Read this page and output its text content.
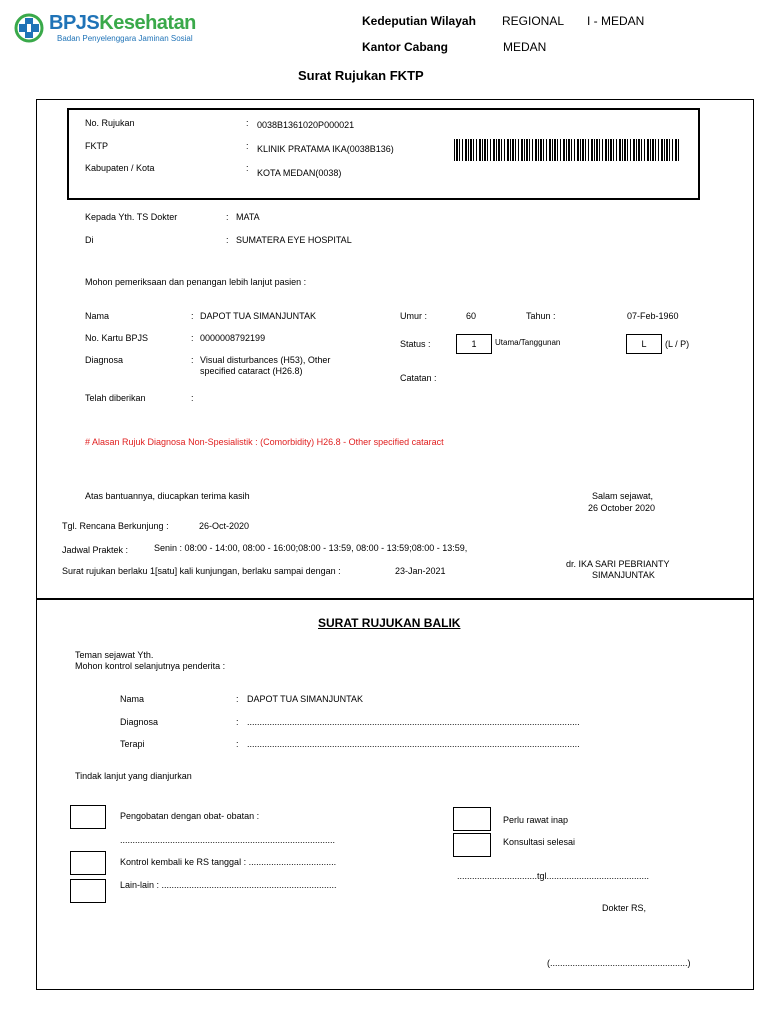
BPJSKesehatan
Badan Penyelenggara Jaminan Sosial
Kedeputian Wilayah REGIONAL I - MEDAN
Kantor Cabang	MEDAN
Surat Rujukan FKTP
No. Rujukan	: 0038B1361020P000021
FKTP	: KLINIK PRATAMA IKA(0038B136)
Kabupaten / Kota	: KOTA MEDAN(0038)
Kepada Yth. TS Dokter	: MATA
Di	: SUMATERA EYE HOSPITAL
Mohon pemeriksaan dan penangan lebih lanjut pasien :
Nama	: DAPOT TUA SIMANJUNTAK
No. Kartu BPJS	: 0000008792199
Diagnosa	: Visual disturbances (H53), Other specified cataract (H26.8)
Telah diberikan	:
Umur :	60	Tahun :	07-Feb-1960
Status :	1	Utama/Tanggunan	L	(L / P)
Catatan :
# Alasan Rujuk Diagnosa Non-Spesialistik : (Comorbidity) H26.8 - Other specified cataract
Atas bantuannya, diucapkan terima kasih	Salam sejawat,
26 October 2020
Tgl. Rencana Berkunjung :	26-Oct-2020
Jadwal Praktek :	Senin : 08:00 - 14:00, 08:00 - 16:00;08:00 - 13:59, 08:00 - 13:59;08:00 - 13:59,
Surat rujukan berlaku 1[satu] kali kunjungan, berlaku sampai dengan :	23-Jan-2021
dr. IKA SARI PEBRIANTY
SIMANJUNTAK
SURAT RUJUKAN BALIK
Teman sejawat Yth.
Mohon kontrol selanjutnya penderita :
Nama	: DAPOT TUA SIMANJUNTAK
Diagnosa	: .....................................................................................................................................
Terapi	: .....................................................................................................................................
Tindak lanjut yang dianjurkan
Pengobatan dengan obat- obatan :
......................................................................................
Kontrol kembali ke RS tanggal : ...................................
Lain-lain : ......................................................................
Perlu rawat inap
Konsultasi selesai
................................tgl.........................................
Dokter RS,
(.......................................................)
